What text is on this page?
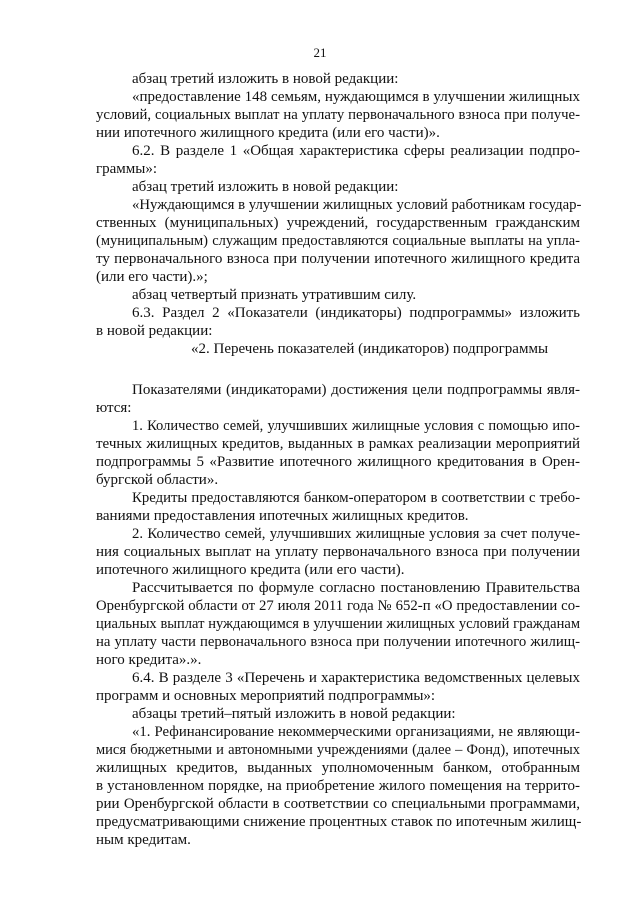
21
абзац третий изложить в новой редакции:
«предоставление 148 семьям, нуждающимся в улучшении жилищных
условий, социальных выплат на уплату первоначального взноса при получе-
нии ипотечного жилищного кредита (или его части)».
6.2. В разделе 1 «Общая характеристика сферы реализации подпро-
граммы»:
абзац третий изложить в новой редакции:
«Нуждающимся в улучшении жилищных условий работникам государ-
ственных (муниципальных) учреждений, государственным гражданским
(муниципальным) служащим предоставляются социальные выплаты на упла-
ту первоначального взноса при получении ипотечного жилищного кредита
(или его части).»;
абзац четвертый признать утратившим силу.
6.3. Раздел 2 «Показатели (индикаторы) подпрограммы» изложить
в новой редакции:
«2. Перечень показателей (индикаторов) подпрограммы
Показателями (индикаторами) достижения цели подпрограммы явля-
ются:
1. Количество семей, улучшивших жилищные условия с помощью ипо-
течных жилищных кредитов, выданных в рамках реализации мероприятий
подпрограммы 5 «Развитие ипотечного жилищного кредитования в Орен-
бургской области».
Кредиты предоставляются банком-оператором в соответствии с требо-
ваниями предоставления ипотечных жилищных кредитов.
2. Количество семей, улучшивших жилищные условия за счет получе-
ния социальных выплат на уплату первоначального взноса при получении
ипотечного жилищного кредита (или его части).
Рассчитывается по формуле согласно постановлению Правительства
Оренбургской области от 27 июля 2011 года № 652-п «О предоставлении со-
циальных выплат нуждающимся в улучшении жилищных условий гражданам
на уплату части первоначального взноса при получении ипотечного жилищ-
ного кредита».».
6.4. В разделе 3 «Перечень и характеристика ведомственных целевых
программ и основных мероприятий подпрограммы»:
абзацы третий–пятый изложить в новой редакции:
«1. Рефинансирование некоммерческими организациями, не являющи-
мися бюджетными и автономными учреждениями (далее – Фонд), ипотечных
жилищных кредитов, выданных уполномоченным банком, отобранным
в установленном порядке, на приобретение жилого помещения на террито-
рии Оренбургской области в соответствии со специальными программами,
предусматривающими снижение процентных ставок по ипотечным жилищ-
ным кредитам.
